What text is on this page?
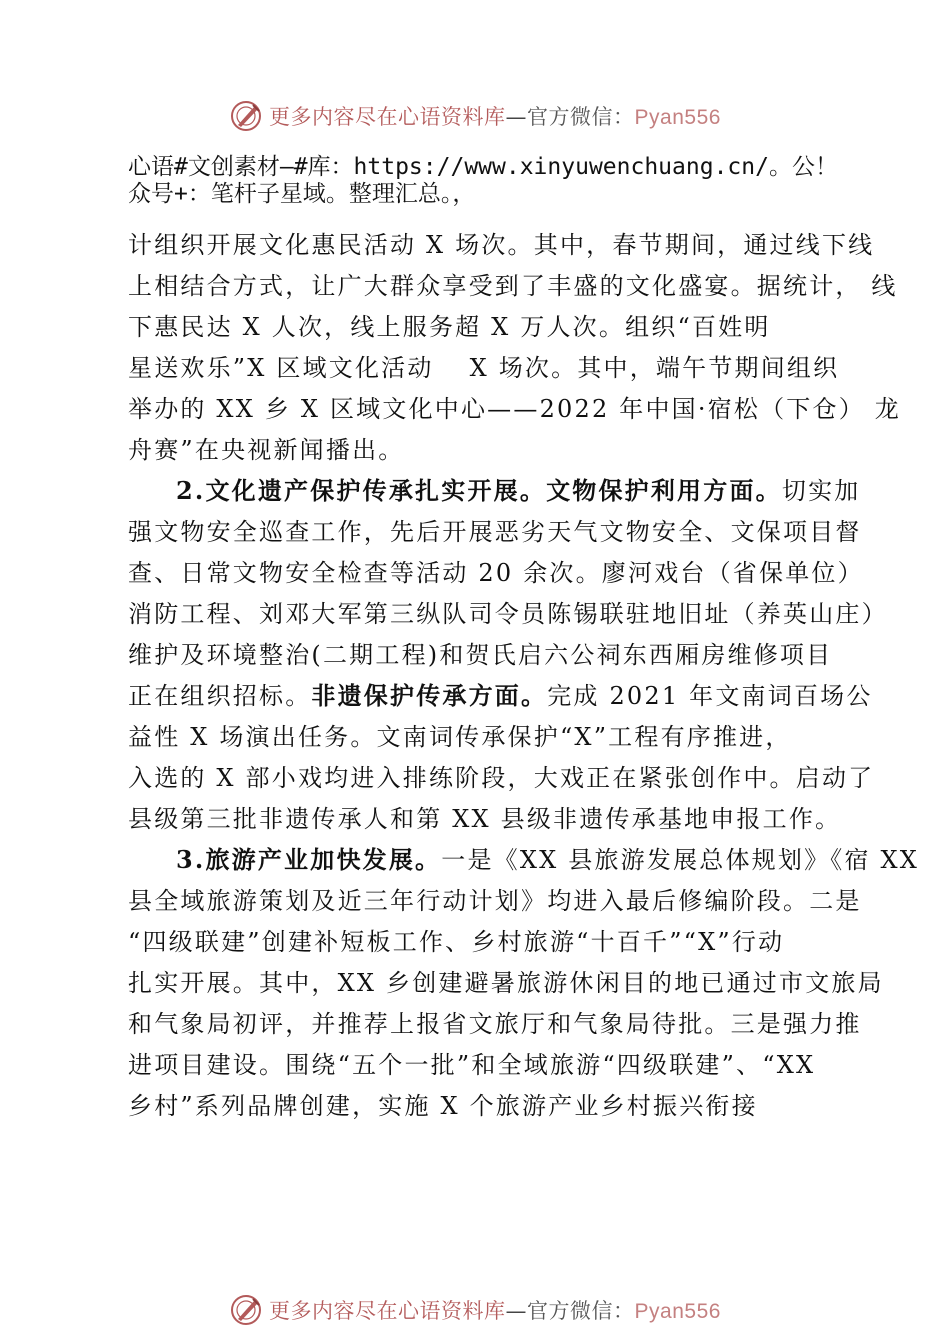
更多内容尽在心语资料库—官方微信：Pyan556
心语#文创素材—#库：https://www.xinyuwenchuang.cn/。公！
众号+：笔杆子星域。整理汇总。，
计组织开展文化惠民活动 X 场次。其中，春节期间，通过线下线
上相结合方式，让广大群众享受到了丰盛的文化盛宴。据统计， 线
下惠民达 X 人次，线上服务超 X 万人次。组织“百姓明
星送欢乐”X 区域文化活动　 X 场次。其中，端午节期间组织
举办的 XX 乡 X 区域文化中心——2022 年中国·宿松（下仓） 龙
舟赛”在央视新闻播出。
2.文化遗产保护传承扎实开展。文物保护利用方面。切实加
强文物安全巡查工作，先后开展恶劣天气文物安全、文保项目督
查、日常文物安全检查等活动 20 余次。廖河戏台（省保单位）
消防工程、刘邓大军第三纵队司令员陈锡联驻地旧址（养英山庄）
维护及环境整治(二期工程)和贺氏启六公祠东西厢房维修项目
正在组织招标。非遗保护传承方面。完成 2021 年文南词百场公
益性 X 场演出任务。文南词传承保护“X”工程有序推进，
入选的 X 部小戏均进入排练阶段，大戏正在紧张创作中。启动了
县级第三批非遗传承人和第 XX 县级非遗传承基地申报工作。
3.旅游产业加快发展。一是《XX 县旅游发展总体规划》《宿 XX
县全域旅游策划及近三年行动计划》均进入最后修编阶段。二是
“四级联建”创建补短板工作、乡村旅游“十百千”“X”行动
扎实开展。其中，XX 乡创建避暑旅游休闲目的地已通过市文旅局
和气象局初评，并推荐上报省文旅厅和气象局待批。三是强力推
进项目建设。围绕“五个一批”和全域旅游“四级联建”、“XX
乡村”系列品牌创建，实施 X 个旅游产业乡村振兴衔接
更多内容尽在心语资料库—官方微信：Pyan556
